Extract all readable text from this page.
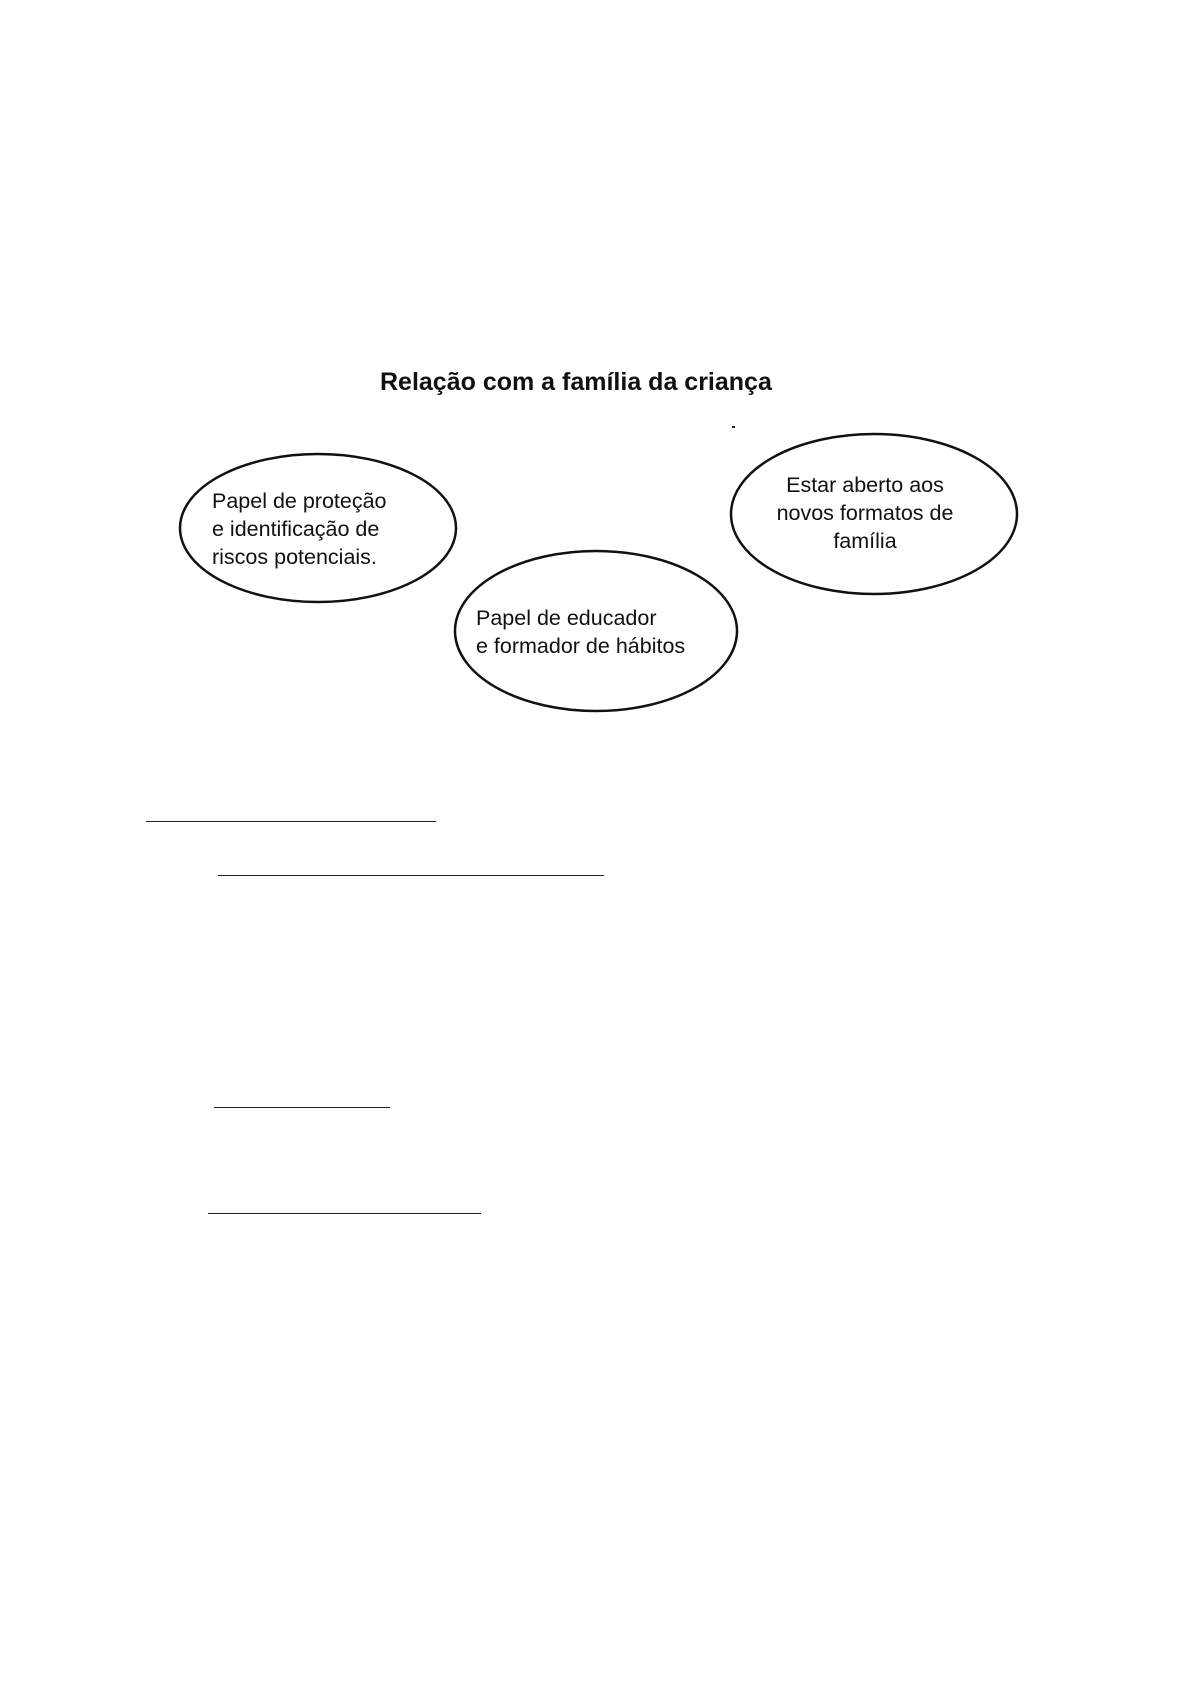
Relação com a família da criança
Papel de proteção
e identificação de
riscos potenciais.
Papel de educador
e formador de hábitos
Estar aberto aos
novos formatos de
família
